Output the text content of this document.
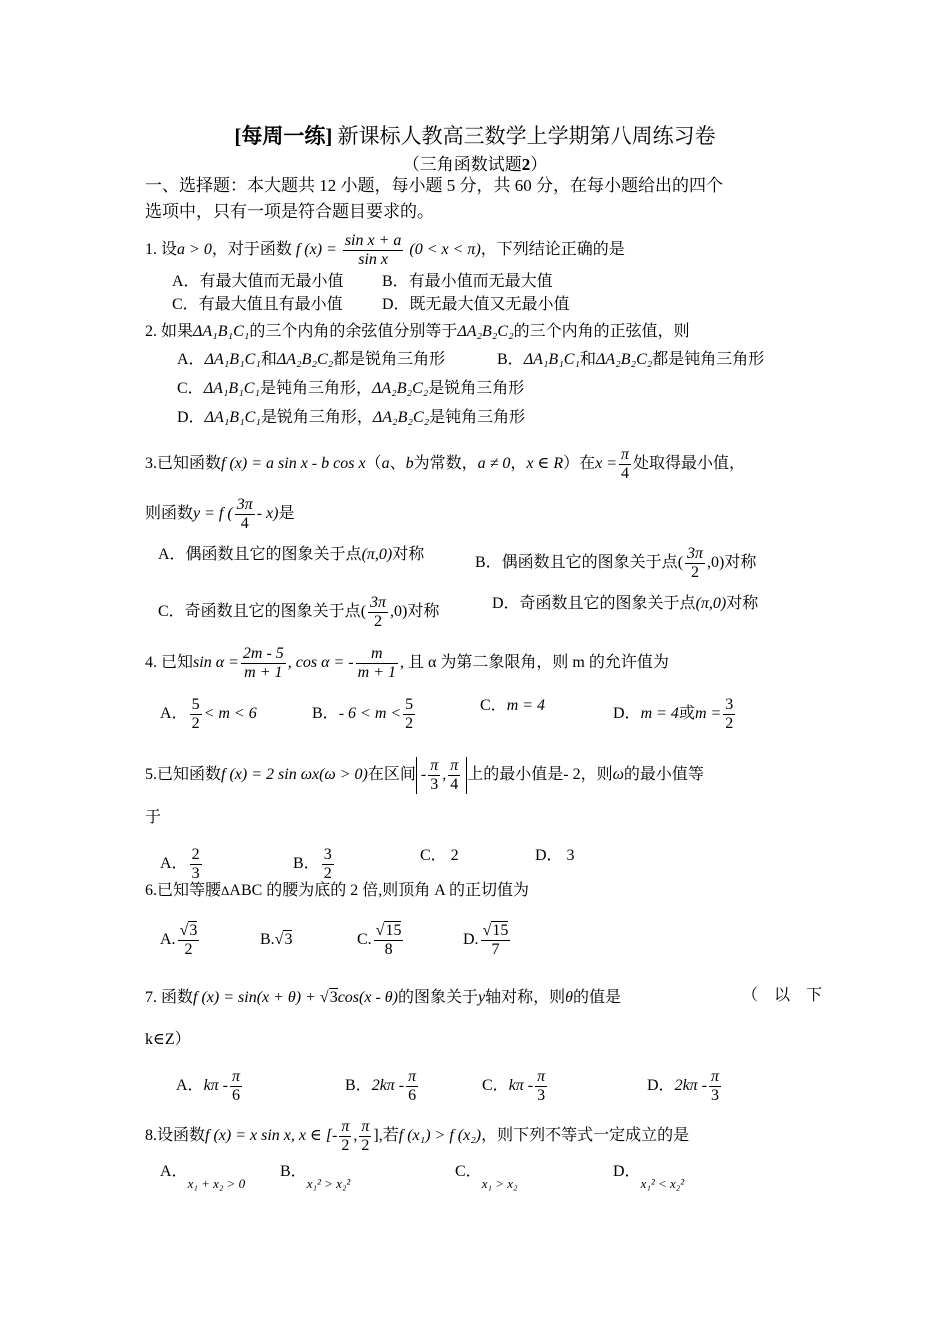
[每周一练] 新课标人教高三数学上学期第八周练习卷
（三角函数试题2）
一、选择题：本大题共 12 小题，每小题 5 分，共 60 分，在每小题给出的四个
选项中，只有一项是符合题目要求的。
1. 设a > 0，对于函数 f $(x) = \frac{\text{sin x + a}}{\text{sin x}} (0 < x < \pi)$，下列结论正确的是
A．有最大值而无最小值 B．有最小值而无最大值
C．有最大值且有最小值 D．既无最大值又无最小值
2. 如果ΔA₁B₁C₁的三个内角的余弦值分别等于ΔA₂B₂C₂的三个内角的正弦值，则
A．ΔA₁B₁C₁和ΔA₂B₂C₂都是锐角三角形	B．ΔA₁B₁C₁和ΔA₂B₂C₂都是钝角三角形
C．ΔA₁B₁C₁是钝角三角形，ΔA₂B₂C₂是锐角三角形
D．ΔA₁B₁C₁是锐角三角形，ΔA₂B₂C₂是钝角三角形
3.已知函数f (x) = a sin x - b cos x（a、b为常数，a ≠ 0，x ∈ R）在$x = \frac{\pi}{4}$ 处取得最小值，
则函数y = f ( $\frac{3\pi}{4} - x$)是
A．偶函数且它的图象关于点(π,0)对称	B．偶函数且它的图象关于点( $\frac{3\pi}{2} ,0$)对称
C．奇函数且它的图象关于点( $\frac{3\pi}{2} ,0$)对称	D．奇函数且它的图象关于点(π,0)对称
4. 已知$\sin \alpha = \frac{2m - 5}{m + 1}$ , cos α = - $\frac{m}{m + 1}$ , 且 α 为第二象限角，则 m 的允许值为
A． $\frac{5}{2} < m < 6$	B．- $6 < m < \frac{5}{2}$	C．m = 4	D．m = 4或$m = \frac{3}{2}$
5.已知函数f (x) = 2 sin ωx(ω > 0)在区间 - $\frac{\pi}{3}$ , $\frac{\pi}{4}$ 上的最小值是- 2，则ω的最小值等
于
A． $\frac{2}{3}$	B． $\frac{3}{2}$	C． 2	D． 3
6.已知等腰ΔABC 的腰为底的 2 倍,则顶角 A 的正切值为
A. $\frac{√3}{2}$	B.√3	C. $\frac{√15}{8}$	D. $\frac{√15}{7}$
7. 函数f (x) = sin(x + θ) + √3cos(x - θ)的图象关于y轴对称，则θ的值是	（　以　下
k∈Z）
A．kπ - $\frac{\pi}{6}$	B．$2k\pi - \frac{\pi}{6}$	C．kπ - $\frac{\pi}{3}$	D．$2k\pi - \frac{\pi}{3}$
8.设函数f (x) = x sin x, x ∈ [- $\frac{\pi}{2}$ , $\frac{\pi}{2}$ ],若f (x₁) > f (x₂)，则下列不等式一定成立的是
A．$_{x_1 + x_2 > 0}$
B．$_{x_1^2 > x_2^2}$
C．$_{x_1 > x_2}$
D．$_{x_1^2 < x_2^2}$
